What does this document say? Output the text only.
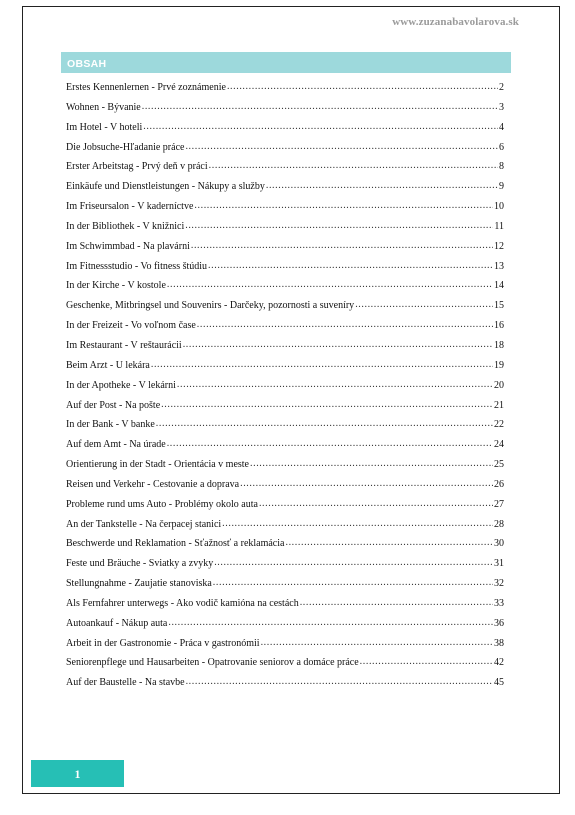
www.zuzanabavolarova.sk
OBSAH
Erstes Kennenlernen - Prvé zoznámenie .....	2
Wohnen - Bývanie .....	3
Im Hotel - V hoteli .....	4
Die Jobsuche-Hľadanie práce .....	6
Erster Arbeitstag - Prvý deň v práci .....	8
Einkäufe und Dienstleistungen - Nákupy a služby .....	9
Im Friseursalon - V kaderníctve .....	10
In der Bibliothek - V knižnici .....	11
Im Schwimmbad - Na plavárni .....	12
Im Fitnessstudio - Vo fitness štúdiu .....	13
In der Kirche - V kostole .....	14
Geschenke, Mitbringsel und Souvenirs - Darčeky, pozornosti a suveníry .....	15
In der Freizeit - Vo voľnom čase .....	16
Im Restaurant - V reštaurácii .....	18
Beim Arzt - U lekára .....	19
In der Apotheke - V lekárni .....	20
Auf der Post - Na pošte .....	21
In der Bank - V banke .....	22
Auf dem Amt - Na úrade .....	24
Orientierung in der Stadt - Orientácia v meste .....	25
Reisen und Verkehr - Cestovanie a doprava .....	26
Probleme rund ums Auto - Problémy okolo auta .....	27
An der Tankstelle - Na čerpacej stanici .....	28
Beschwerde und Reklamation - Sťažnosť a reklamácia .....	30
Feste und Bräuche - Sviatky a zvyky .....	31
Stellungnahme - Zaujatie stanoviska .....	32
Als Fernfahrer unterwegs - Ako vodič kamióna na cestách .....	33
Autoankauf - Nákup auta .....	36
Arbeit in der Gastronomie - Práca v gastronómii .....	38
Seniorenpflege und Hausarbeiten - Opatrovanie seniorov a domáce práce .....	42
Auf der Baustelle - Na stavbe .....	45
1
